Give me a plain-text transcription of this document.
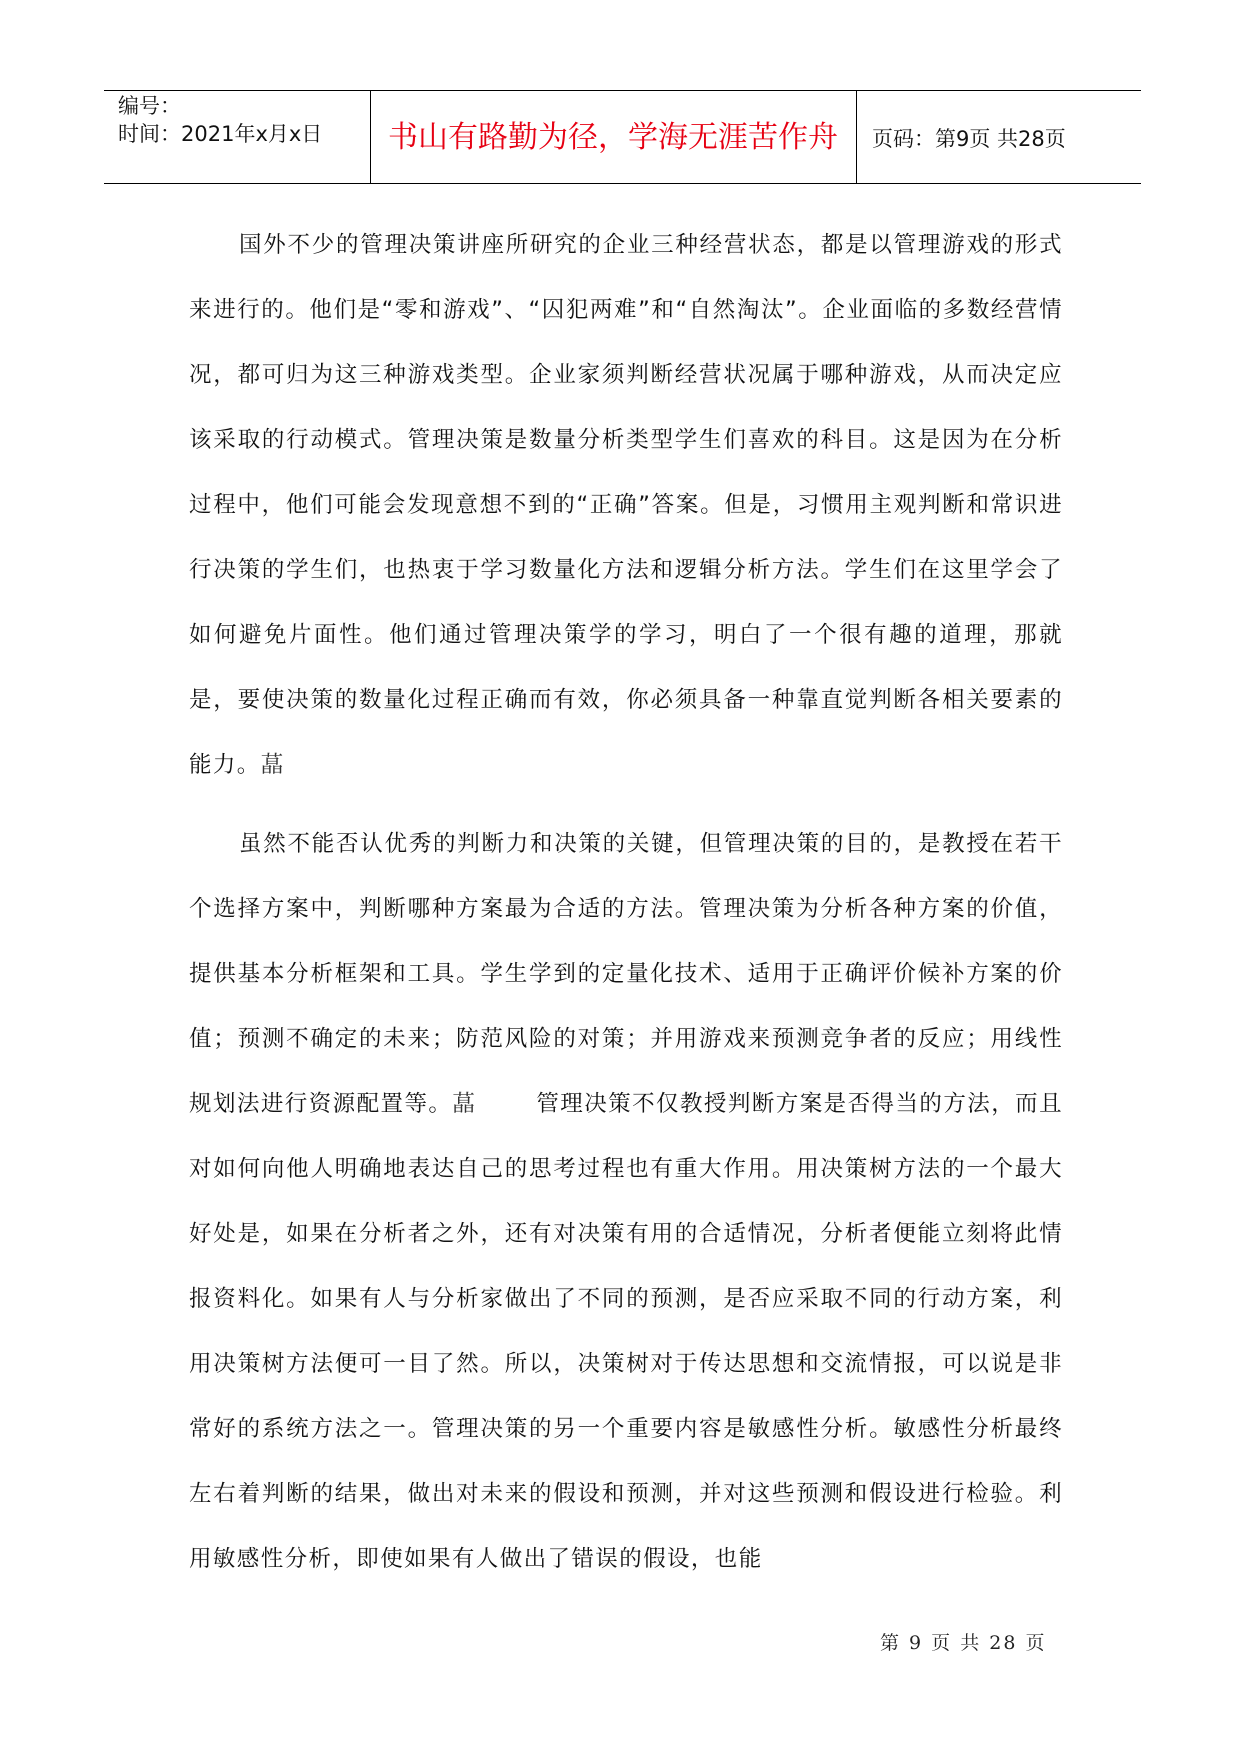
编号：
时间：2021年x月x日	书山有路勤为径，学海无涯苦作舟	页码：第9页 共28页

国外不少的管理决策讲座所研究的企业三种经营状态，都是以管理游戏的形式来进行的。他们是“零和游戏”、“囚犯两难”和“自然淘汰”。企业面临的多数经营情况，都可归为这三种游戏类型。企业家须判断经营状况属于哪种游戏，从而决定应该采取的行动模式。管理决策是数量分析类型学生们喜欢的科目。这是因为在分析过程中，他们可能会发现意想不到的“正确”答案。但是，习惯用主观判断和常识进行决策的学生们，也热衷于学习数量化方法和逻辑分析方法。学生们在这里学会了如何避免片面性。他们通过管理决策学的学习，明白了一个很有趣的道理，那就是，要使决策的数量化过程正确而有效，你必须具备一种靠直觉判断各相关要素的能力。蕌

虽然不能否认优秀的判断力和决策的关键，但管理决策的目的，是教授在若干个选择方案中，判断哪种方案最为合适的方法。管理决策为分析各种方案的价值，提供基本分析框架和工具。学生学到的定量化技术、适用于正确评价候补方案的价值；预测不确定的未来；防范风险的对策；并用游戏来预测竞争者的反应；用线性规划法进行资源配置等。蕌	管理决策不仅教授判断方案是否得当的方法，而且对如何向他人明确地表达自己的思考过程也有重大作用。用决策树方法的一个最大好处是，如果在分析者之外，还有对决策有用的合适情况，分析者便能立刻将此情报资料化。如果有人与分析家做出了不同的预测，是否应采取不同的行动方案，利用决策树方法便可一目了然。所以，决策树对于传达思想和交流情报，可以说是非常好的系统方法之一。管理决策的另一个重要内容是敏感性分析。敏感性分析最终左右着判断的结果，做出对未来的假设和预测，并对这些预测和假设进行检验。利用敏感性分析，即使如果有人做出了错误的假设，也能

第 9 页 共 28 页
